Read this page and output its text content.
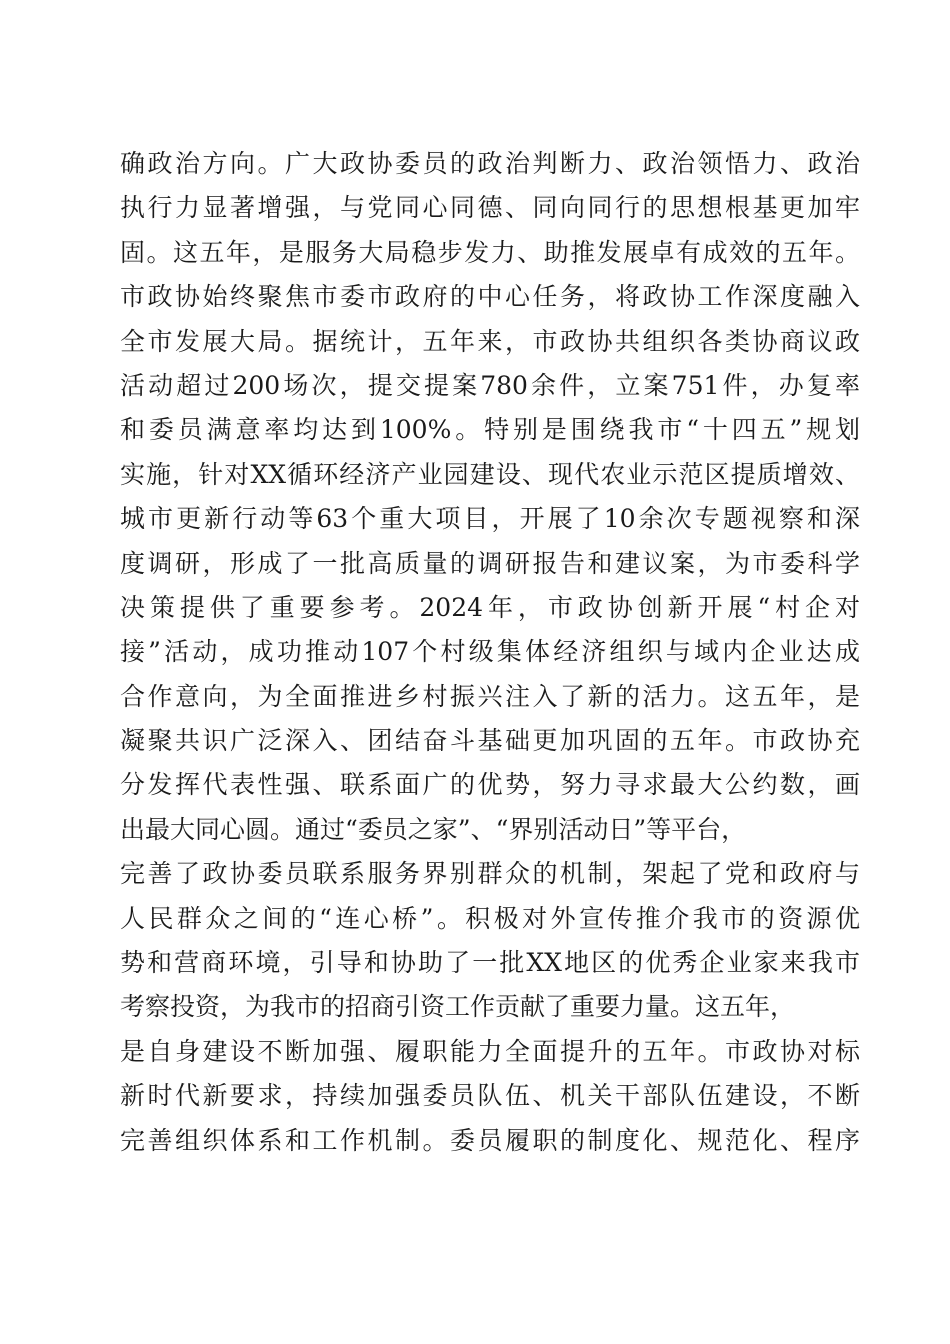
确政治方向。广大政协委员的政治判断力、政治领悟力、政治
执行力显著增强，与党同心同德、同向同行的思想根基更加牢
固。这五年，是服务大局稳步发力、助推发展卓有成效的五年。
市政协始终聚焦市委市政府的中心任务，将政协工作深度融入
全市发展大局。据统计，五年来，市政协共组织各类协商议政
活动超过200场次，提交提案780余件，立案751件，办复率
和委员满意率均达到100%。特别是围绕我市“十四五”规划
实施，针对XX循环经济产业园建设、现代农业示范区提质增效、
城市更新行动等63个重大项目，开展了10余次专题视察和深
度调研，形成了一批高质量的调研报告和建议案，为市委科学
决策提供了重要参考。2024年，市政协创新开展“村企对
接”活动，成功推动107个村级集体经济组织与域内企业达成
合作意向，为全面推进乡村振兴注入了新的活力。这五年，是
凝聚共识广泛深入、团结奋斗基础更加巩固的五年。市政协充
分发挥代表性强、联系面广的优势，努力寻求最大公约数，画
出最大同心圆。通过“委员之家”、“界别活动日”等平台，
完善了政协委员联系服务界别群众的机制，架起了党和政府与
人民群众之间的“连心桥”。积极对外宣传推介我市的资源优
势和营商环境，引导和协助了一批XX地区的优秀企业家来我市
考察投资，为我市的招商引资工作贡献了重要力量。这五年，
是自身建设不断加强、履职能力全面提升的五年。市政协对标
新时代新要求，持续加强委员队伍、机关干部队伍建设，不断
完善组织体系和工作机制。委员履职的制度化、规范化、程序
